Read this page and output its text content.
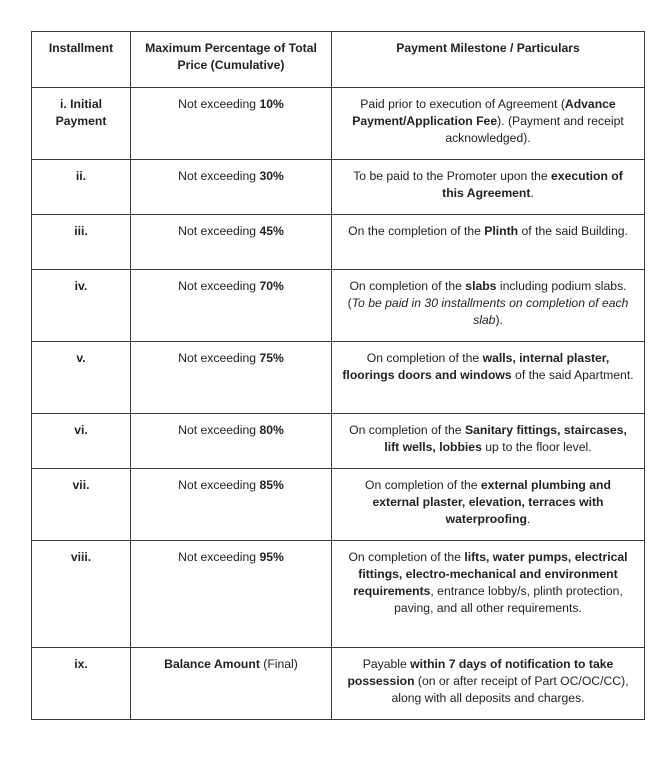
Installment	Maximum Percentage of Total Price (Cumulative)	Payment Milestone / Particulars
i. Initial Payment	Not exceeding 10%	Paid prior to execution of Agreement (Advance Payment/Application Fee). (Payment and receipt acknowledged).
ii.	Not exceeding 30%	To be paid to the Promoter upon the execution of this Agreement.
iii.	Not exceeding 45%	On the completion of the Plinth of the said Building.
iv.	Not exceeding 70%	On completion of the slabs including podium slabs. (To be paid in 30 installments on completion of each slab).
v.	Not exceeding 75%	On completion of the walls, internal plaster, floorings doors and windows of the said Apartment.
vi.	Not exceeding 80%	On completion of the Sanitary fittings, staircases, lift wells, lobbies up to the floor level.
vii.	Not exceeding 85%	On completion of the external plumbing and external plaster, elevation, terraces with waterproofing.
viii.	Not exceeding 95%	On completion of the lifts, water pumps, electrical fittings, electro-mechanical and environment requirements, entrance lobby/s, plinth protection, paving, and all other requirements.
ix.	Balance Amount (Final)	Payable within 7 days of notification to take possession (on or after receipt of Part OC/OC/CC), along with all deposits and charges.
